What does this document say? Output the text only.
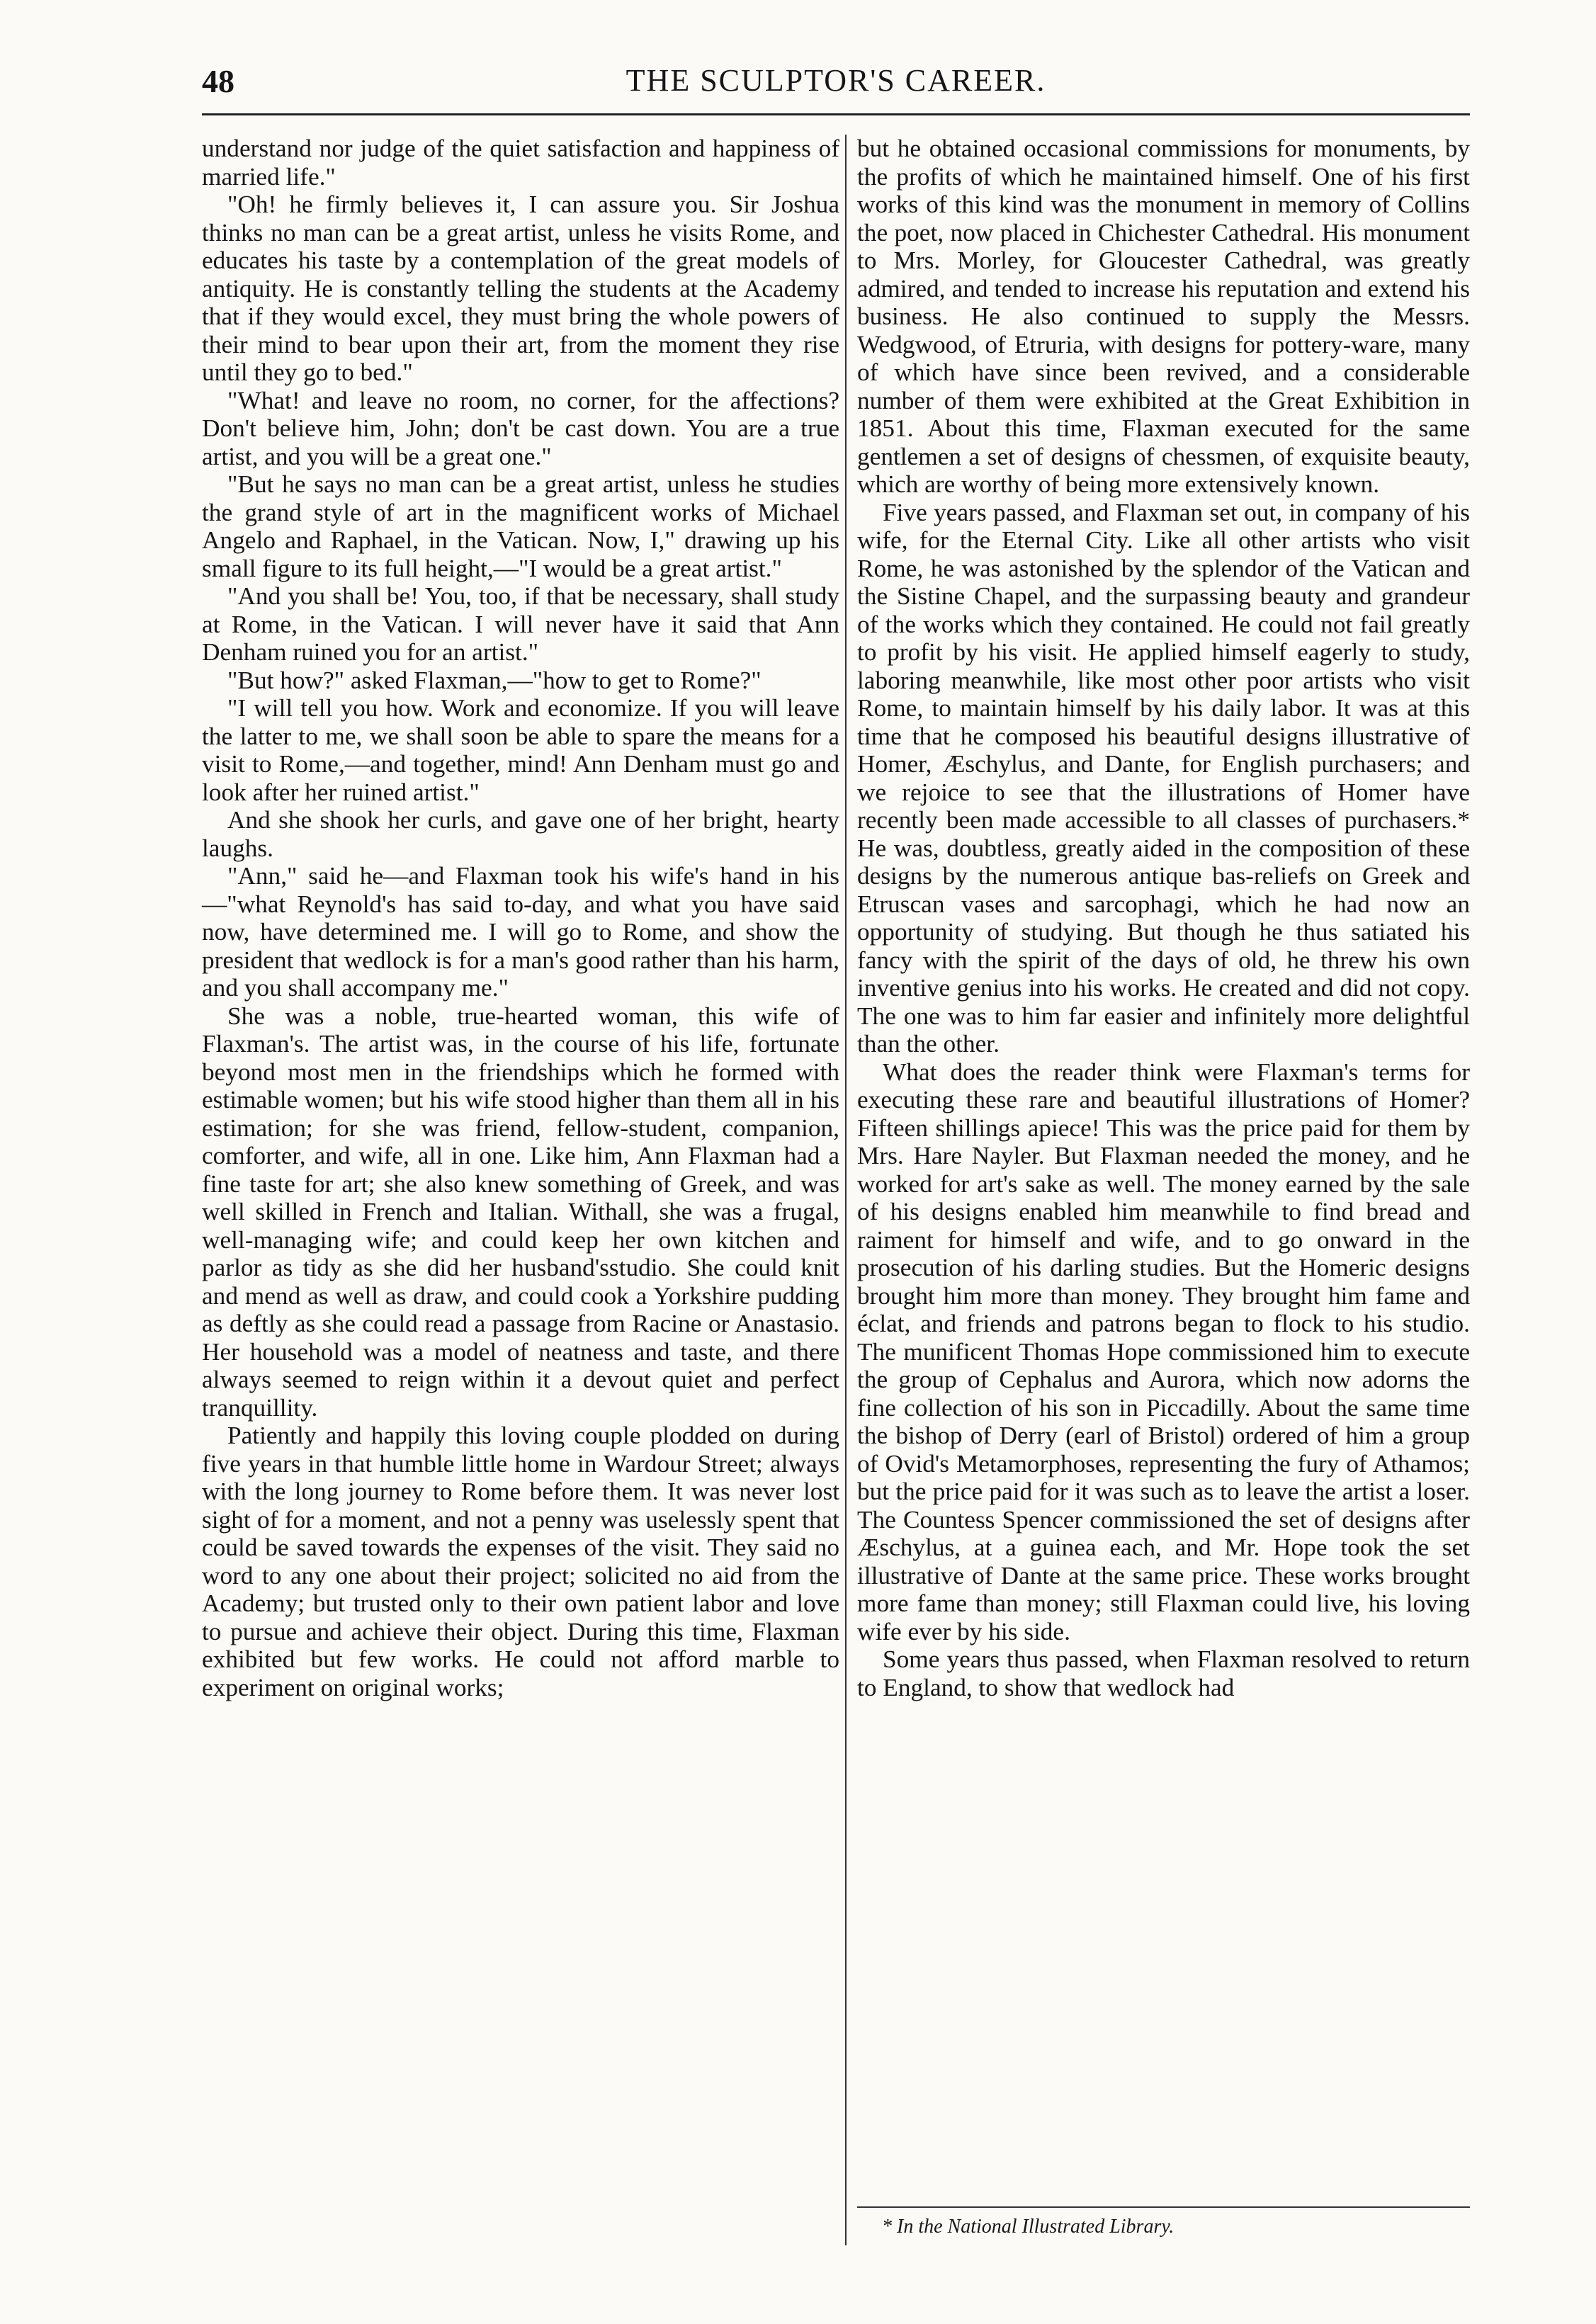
48	THE SCULPTOR'S CAREER.

understand nor judge of the quiet satisfaction and happiness of married life."

"Oh! he firmly believes it, I can assure you. Sir Joshua thinks no man can be a great artist, unless he visits Rome, and educates his taste by a contemplation of the great models of antiquity. He is constantly telling the students at the Academy that if they would excel, they must bring the whole powers of their mind to bear upon their art, from the moment they rise until they go to bed."

"What! and leave no room, no corner, for the affections? Don't believe him, John; don't be cast down. You are a true artist, and you will be a great one."

"But he says no man can be a great artist, unless he studies the grand style of art in the magnificent works of Michael Angelo and Raphael, in the Vatican. Now, I," drawing up his small figure to its full height,—"I would be a great artist."

"And you shall be! You, too, if that be necessary, shall study at Rome, in the Vatican. I will never have it said that Ann Denham ruined you for an artist."

"But how?" asked Flaxman,—"how to get to Rome?"

"I will tell you how. Work and economize. If you will leave the latter to me, we shall soon be able to spare the means for a visit to Rome,—and together, mind! Ann Denham must go and look after her ruined artist."

And she shook her curls, and gave one of her bright, hearty laughs.

"Ann," said he—and Flaxman took his wife's hand in his—"what Reynold's has said to-day, and what you have said now, have determined me. I will go to Rome, and show the president that wedlock is for a man's good rather than his harm, and you shall accompany me."

She was a noble, true-hearted woman, this wife of Flaxman's. The artist was, in the course of his life, fortunate beyond most men in the friendships which he formed with estimable women; but his wife stood higher than them all in his estimation; for she was friend, fellow-student, companion, comforter, and wife, all in one. Like him, Ann Flaxman had a fine taste for art; she also knew something of Greek, and was well skilled in French and Italian. Withall, she was a frugal, well-managing wife; and could keep her own kitchen and parlor as tidy as she did her husband'sstudio. She could knit and mend as well as draw, and could cook a Yorkshire pudding as deftly as she could read a passage from Racine or Anastasio. Her household was a model of neatness and taste, and there always seemed to reign within it a devout quiet and perfect tranquillity.

Patiently and happily this loving couple plodded on during five years in that humble little home in Wardour Street; always with the long journey to Rome before them. It was never lost sight of for a moment, and not a penny was uselessly spent that could be saved towards the expenses of the visit. They said no word to any one about their project; solicited no aid from the Academy; but trusted only to their own patient labor and love to pursue and achieve their object. During this time, Flaxman exhibited but few works. He could not afford marble to experiment on original works;

but he obtained occasional commissions for monuments, by the profits of which he maintained himself. One of his first works of this kind was the monument in memory of Collins the poet, now placed in Chichester Cathedral. His monument to Mrs. Morley, for Gloucester Cathedral, was greatly admired, and tended to increase his reputation and extend his business. He also continued to supply the Messrs. Wedgwood, of Etruria, with designs for pottery-ware, many of which have since been revived, and a considerable number of them were exhibited at the Great Exhibition in 1851. About this time, Flaxman executed for the same gentlemen a set of designs of chessmen, of exquisite beauty, which are worthy of being more extensively known.

Five years passed, and Flaxman set out, in company of his wife, for the Eternal City. Like all other artists who visit Rome, he was astonished by the splendor of the Vatican and the Sistine Chapel, and the surpassing beauty and grandeur of the works which they contained. He could not fail greatly to profit by his visit. He applied himself eagerly to study, laboring meanwhile, like most other poor artists who visit Rome, to maintain himself by his daily labor. It was at this time that he composed his beautiful designs illustrative of Homer, Æschylus, and Dante, for English purchasers; and we rejoice to see that the illustrations of Homer have recently been made accessible to all classes of purchasers.* He was, doubtless, greatly aided in the composition of these designs by the numerous antique bas-reliefs on Greek and Etruscan vases and sarcophagi, which he had now an opportunity of studying. But though he thus satiated his fancy with the spirit of the days of old, he threw his own inventive genius into his works. He created and did not copy. The one was to him far easier and infinitely more delightful than the other.

What does the reader think were Flaxman's terms for executing these rare and beautiful illustrations of Homer? Fifteen shillings apiece! This was the price paid for them by Mrs. Hare Nayler. But Flaxman needed the money, and he worked for art's sake as well. The money earned by the sale of his designs enabled him meanwhile to find bread and raiment for himself and wife, and to go onward in the prosecution of his darling studies. But the Homeric designs brought him more than money. They brought him fame and éclat, and friends and patrons began to flock to his studio. The munificent Thomas Hope commissioned him to execute the group of Cephalus and Aurora, which now adorns the fine collection of his son in Piccadilly. About the same time the bishop of Derry (earl of Bristol) ordered of him a group of Ovid's Metamorphoses, representing the fury of Athamos; but the price paid for it was such as to leave the artist a loser. The Countess Spencer commissioned the set of designs after Æschylus, at a guinea each, and Mr. Hope took the set illustrative of Dante at the same price. These works brought more fame than money; still Flaxman could live, his loving wife ever by his side.

Some years thus passed, when Flaxman resolved to return to England, to show that wedlock had

* In the National Illustrated Library.
